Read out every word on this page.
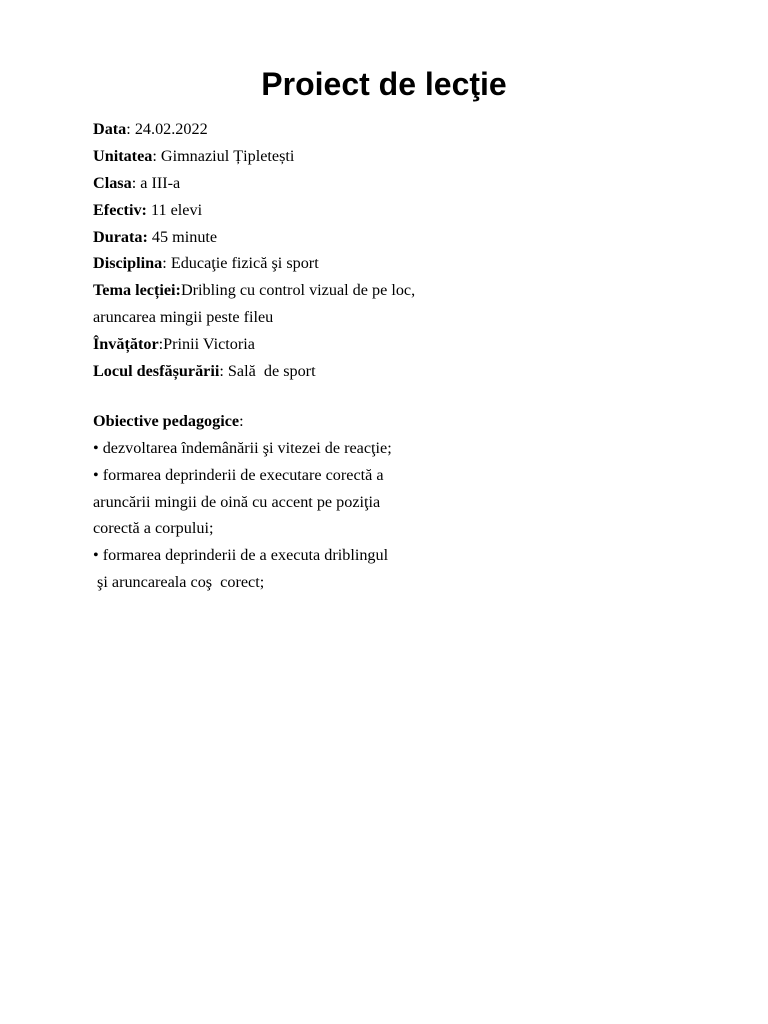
Proiect de lecţie
Data: 24.02.2022
Unitatea: Gimnaziul Țipletești
Clasa: a III-a
Efectiv: 11 elevi
Durata: 45 minute
Disciplina: Educaţie fizică şi sport
Tema lecției:Dribling cu control vizual de pe loc,
aruncarea mingii peste fileu
Învățător:Prinii Victoria
Locul desfășurării: Sală  de sport
Obiective pedagogice:
• dezvoltarea îndemânării şi vitezei de reacţie;
• formarea deprinderii de executare corectă a
aruncării mingii de oină cu accent pe poziţia
corectă a corpului;
• formarea deprinderii de a executa driblingul
şi aruncareala coş  corect;
